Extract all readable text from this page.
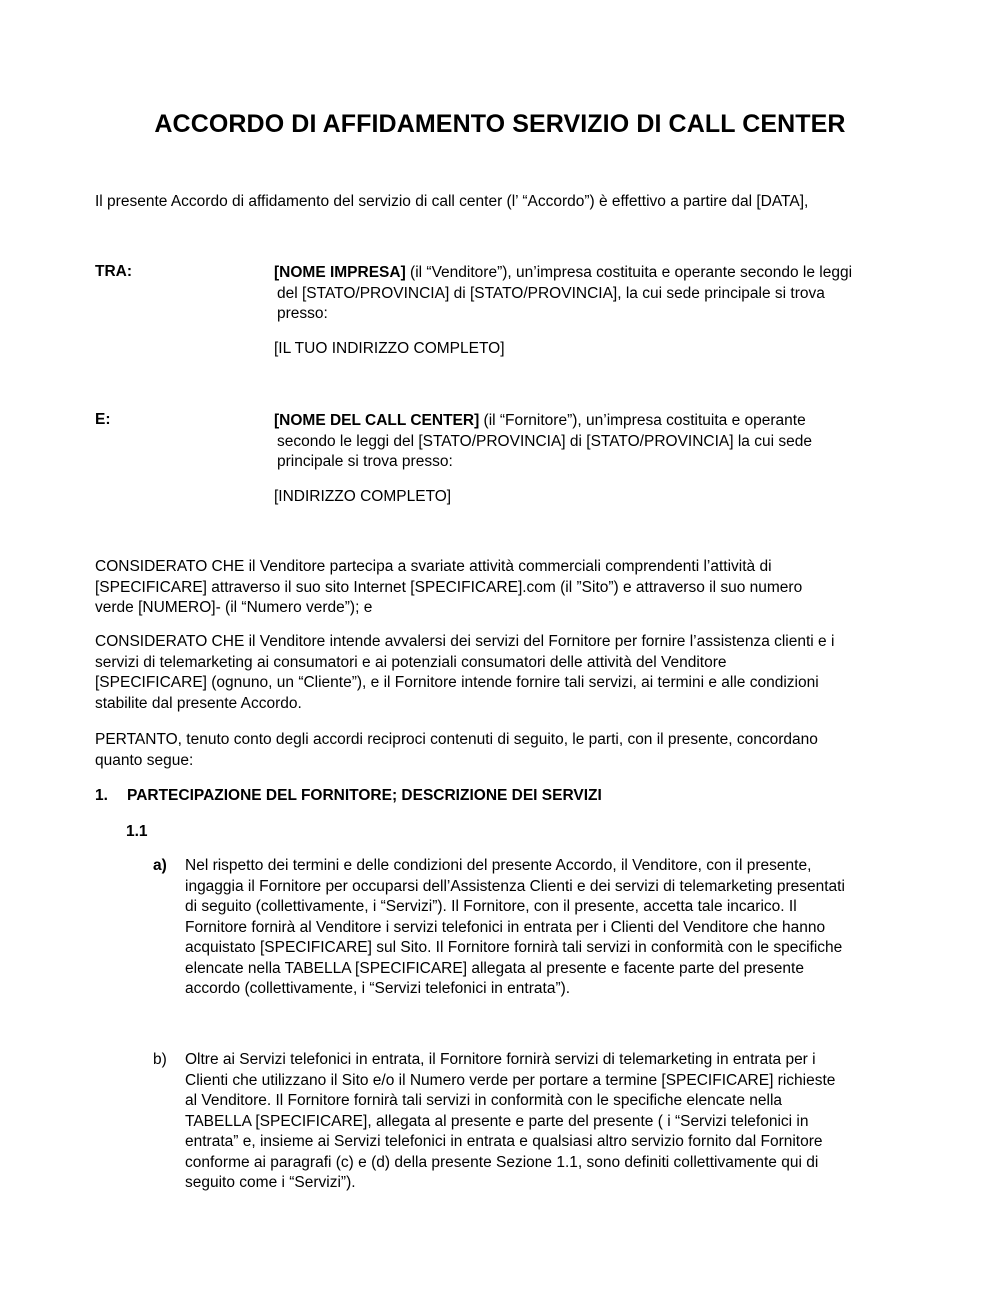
ACCORDO DI AFFIDAMENTO SERVIZIO DI CALL CENTER
Il presente Accordo di affidamento del servizio di call center (l’ “Accordo”) è effettivo a partire dal [DATA],
TRA:	[NOME IMPRESA] (il “Venditore”), un’impresa costituita e operante secondo le leggi
del [STATO/PROVINCIA] di [STATO/PROVINCIA], la cui sede principale si trova
presso:
[IL TUO INDIRIZZO COMPLETO]
E:	[NOME DEL CALL CENTER] (il “Fornitore”), un’impresa costituita e operante
secondo le leggi del [STATO/PROVINCIA] di [STATO/PROVINCIA] la cui sede
principale si trova presso:
[INDIRIZZO COMPLETO]
CONSIDERATO CHE il Venditore partecipa a svariate attività commerciali comprendenti l’attività di
[SPECIFICARE] attraverso il suo sito Internet [SPECIFICARE].com (il ”Sito”) e attraverso il suo numero
verde [NUMERO]- (il “Numero verde”); e
CONSIDERATO CHE il Venditore intende avvalersi dei servizi del Fornitore per fornire l’assistenza clienti e i
servizi di telemarketing ai consumatori e ai potenziali consumatori delle attività del Venditore
[SPECIFICARE] (ognuno, un “Cliente”), e il Fornitore intende fornire tali servizi, ai termini e alle condizioni
stabilite dal presente Accordo.
PERTANTO, tenuto conto degli accordi reciproci contenuti di seguito, le parti, con il presente, concordano
quanto segue:
1. PARTECIPAZIONE DEL FORNITORE; DESCRIZIONE DEI SERVIZI
1.1
a) Nel rispetto dei termini e delle condizioni del presente Accordo, il Venditore, con il presente,
ingaggia il Fornitore per occuparsi dell’Assistenza Clienti e dei servizi di telemarketing presentati
di seguito (collettivamente, i “Servizi”). Il Fornitore, con il presente, accetta tale incarico. Il
Fornitore fornirà al Venditore i servizi telefonici in entrata per i Clienti del Venditore che hanno
acquistato [SPECIFICARE] sul Sito. Il Fornitore fornirà tali servizi in conformità con le specifiche
elencate nella TABELLA [SPECIFICARE] allegata al presente e facente parte del presente
accordo (collettivamente, i “Servizi telefonici in entrata”).
b) Oltre ai Servizi telefonici in entrata, il Fornitore fornirà servizi di telemarketing in entrata per i
Clienti che utilizzano il Sito e/o il Numero verde per portare a termine [SPECIFICARE] richieste
al Venditore. Il Fornitore fornirà tali servizi in conformità con le specifiche elencate nella
TABELLA [SPECIFICARE], allegata al presente e parte del presente ( i “Servizi telefonici in
entrata” e, insieme ai Servizi telefonici in entrata e qualsiasi altro servizio fornito dal Fornitore
conforme ai paragrafi (c) e (d) della presente Sezione 1.1, sono definiti collettivamente qui di
seguito come i “Servizi”).
